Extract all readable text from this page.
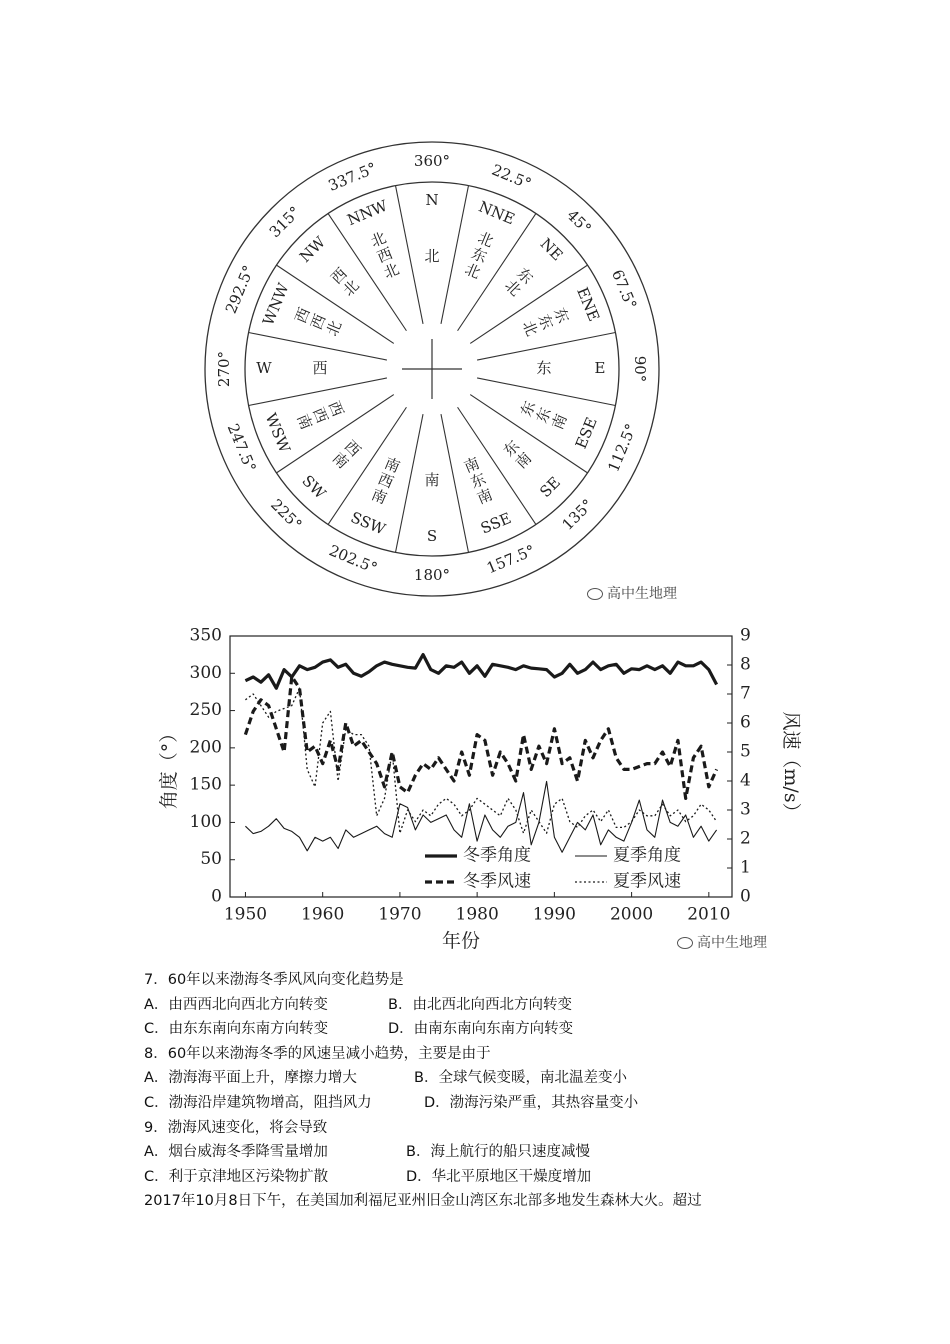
360°	22.5°
45°
67.5°
90°
112.5°
135°
157.5°
180°
202.5°
225°
247.5°
270°
292.5°
315°
337.5°
N NNE
NE
ENE
E
ESE
SE
SSE
S
SSW
SW
WSW
W
WNW
NW
NNW
北
北
东
北 东
北
东
东
北
东
东
东
南
东
南
南
东
南
南
南
西
南
西
南
西
西
南
西
西
西
北
西
北
北
西
北
高中生地理
0
50
100
150
200
250
300
350
0
1
2
3
4
5
6
7
8
9
1950 1960 1970 1980 1990 2000 2010
冬季角度	夏季角度
冬季风速	夏季风速
角度（°）	风速（m/s）
年份	高中生地理
7．60年以来渤海冬季风风向变化趋势是
A．由西西北向西北方向转变	B．由北西北向西北方向转变
C．由东东南向东南方向转变	D．由南东南向东南方向转变
8．60年以来渤海冬季的风速呈减小趋势，主要是由于
A．渤海海平面上升，摩擦力增大	B．全球气候变暖，南北温差变小
C．渤海沿岸建筑物增高，阻挡风力	D．渤海污染严重，其热容量变小
9．渤海风速变化，将会导致
A．烟台威海冬季降雪量增加	B．海上航行的船只速度减慢
C．利于京津地区污染物扩散	D．华北平原地区干燥度增加
2017年10月8日下午，在美国加利福尼亚州旧金山湾区东北部多地发生森林大火。超过
